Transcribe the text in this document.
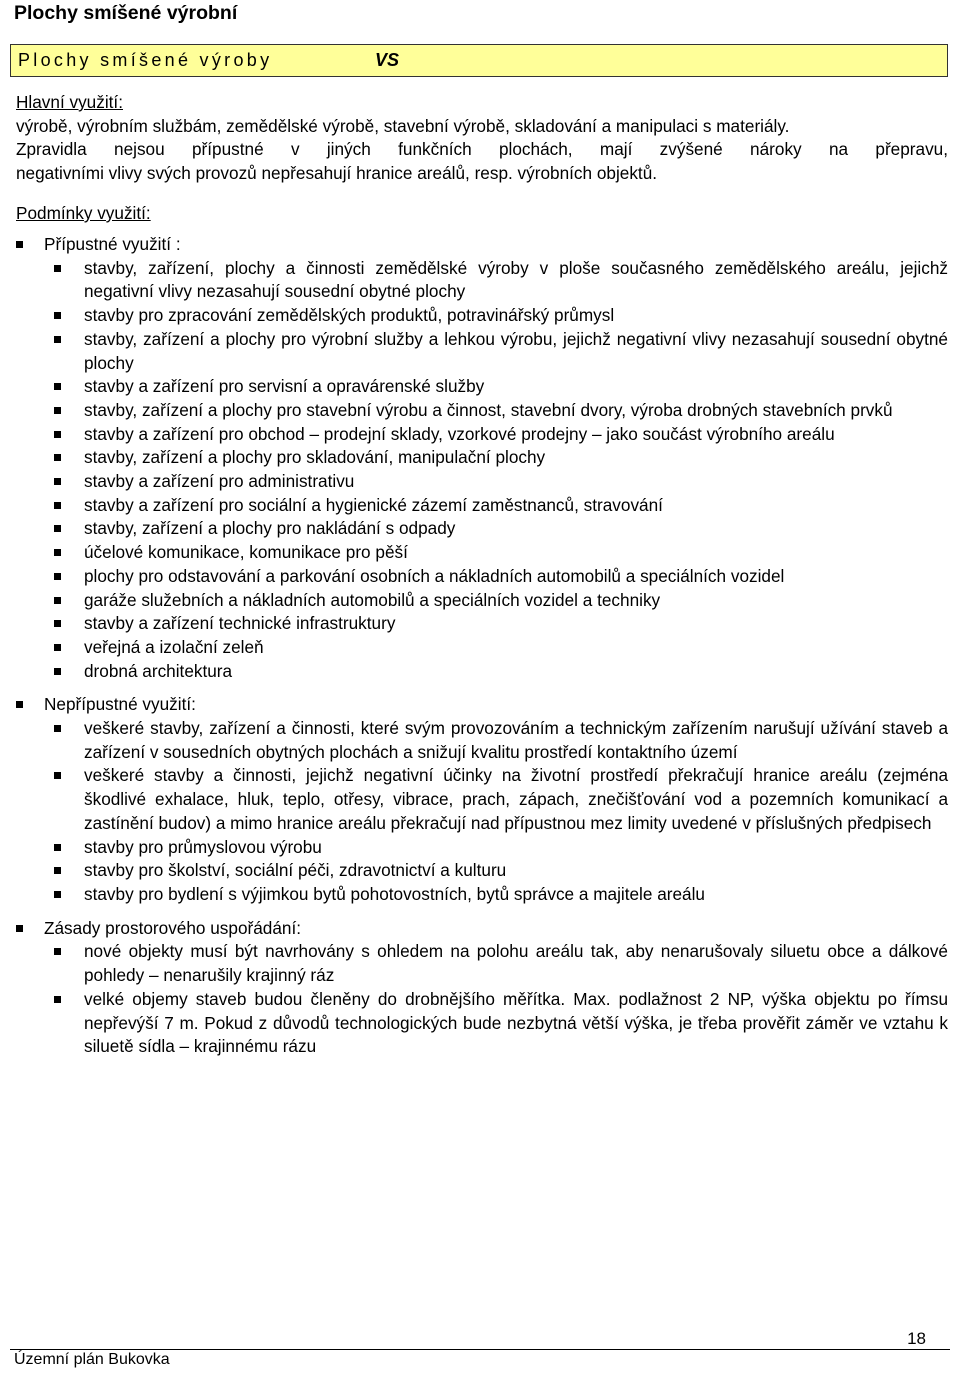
Plochy smíšené výrobní
Plochy smíšené výroby	VS
Hlavní využití:
výrobě, výrobním službám, zemědělské výrobě, stavební výrobě, skladování a manipulaci s materiály.
Zpravidla nejsou přípustné v jiných funkčních plochách, mají zvýšené nároky na přepravu,
negativními vlivy svých provozů nepřesahují hranice areálů, resp. výrobních objektů.
Podmínky využití:
Přípustné využití :
stavby, zařízení, plochy a činnosti zemědělské výroby v ploše současného zemědělského areálu, jejichž negativní vlivy nezasahují sousední obytné plochy
stavby pro zpracování zemědělských produktů, potravinářský průmysl
stavby, zařízení a plochy pro výrobní služby a lehkou výrobu, jejichž negativní vlivy nezasahují sousední obytné plochy
stavby a zařízení pro servisní a opravárenské služby
stavby, zařízení a plochy pro stavební výrobu a činnost, stavební dvory, výroba drobných stavebních prvků
stavby a zařízení pro obchod – prodejní sklady, vzorkové prodejny – jako součást výrobního areálu
stavby, zařízení a plochy pro skladování, manipulační plochy
stavby a zařízení pro administrativu
stavby a zařízení pro sociální a hygienické zázemí zaměstnanců, stravování
stavby, zařízení a plochy pro nakládání s odpady
účelové komunikace, komunikace pro pěší
plochy pro odstavování a parkování osobních a nákladních automobilů a speciálních vozidel
garáže služebních a nákladních automobilů a speciálních vozidel a techniky
stavby a zařízení technické infrastruktury
veřejná a izolační zeleň
drobná architektura
Nepřípustné využití:
veškeré stavby, zařízení a činnosti, které svým provozováním a technickým zařízením narušují užívání staveb a zařízení v sousedních obytných plochách a snižují kvalitu prostředí kontaktního území
veškeré stavby a činnosti, jejichž negativní účinky na životní prostředí překračují hranice areálu (zejména škodlivé exhalace, hluk, teplo, otřesy, vibrace, prach, zápach, znečišťování vod a pozemních komunikací a zastínění budov) a mimo hranice areálu překračují nad přípustnou mez limity uvedené v příslušných předpisech
stavby pro průmyslovou výrobu
stavby pro školství, sociální péči, zdravotnictví a kulturu
stavby pro bydlení s výjimkou bytů pohotovostních, bytů správce a majitele areálu
Zásady prostorového uspořádání:
nové objekty musí být navrhovány s ohledem na polohu areálu tak, aby nenarušovaly siluetu obce a dálkové pohledy – nenarušily krajinný ráz
velké objemy staveb budou členěny do drobnějšího měřítka. Max. podlažnost 2 NP, výška objektu po římsu nepřevýší 7 m. Pokud z důvodů technologických bude nezbytná větší výška, je třeba prověřit záměr ve vztahu k siluetě sídla – krajinnému rázu
18
Územní plán Bukovka
